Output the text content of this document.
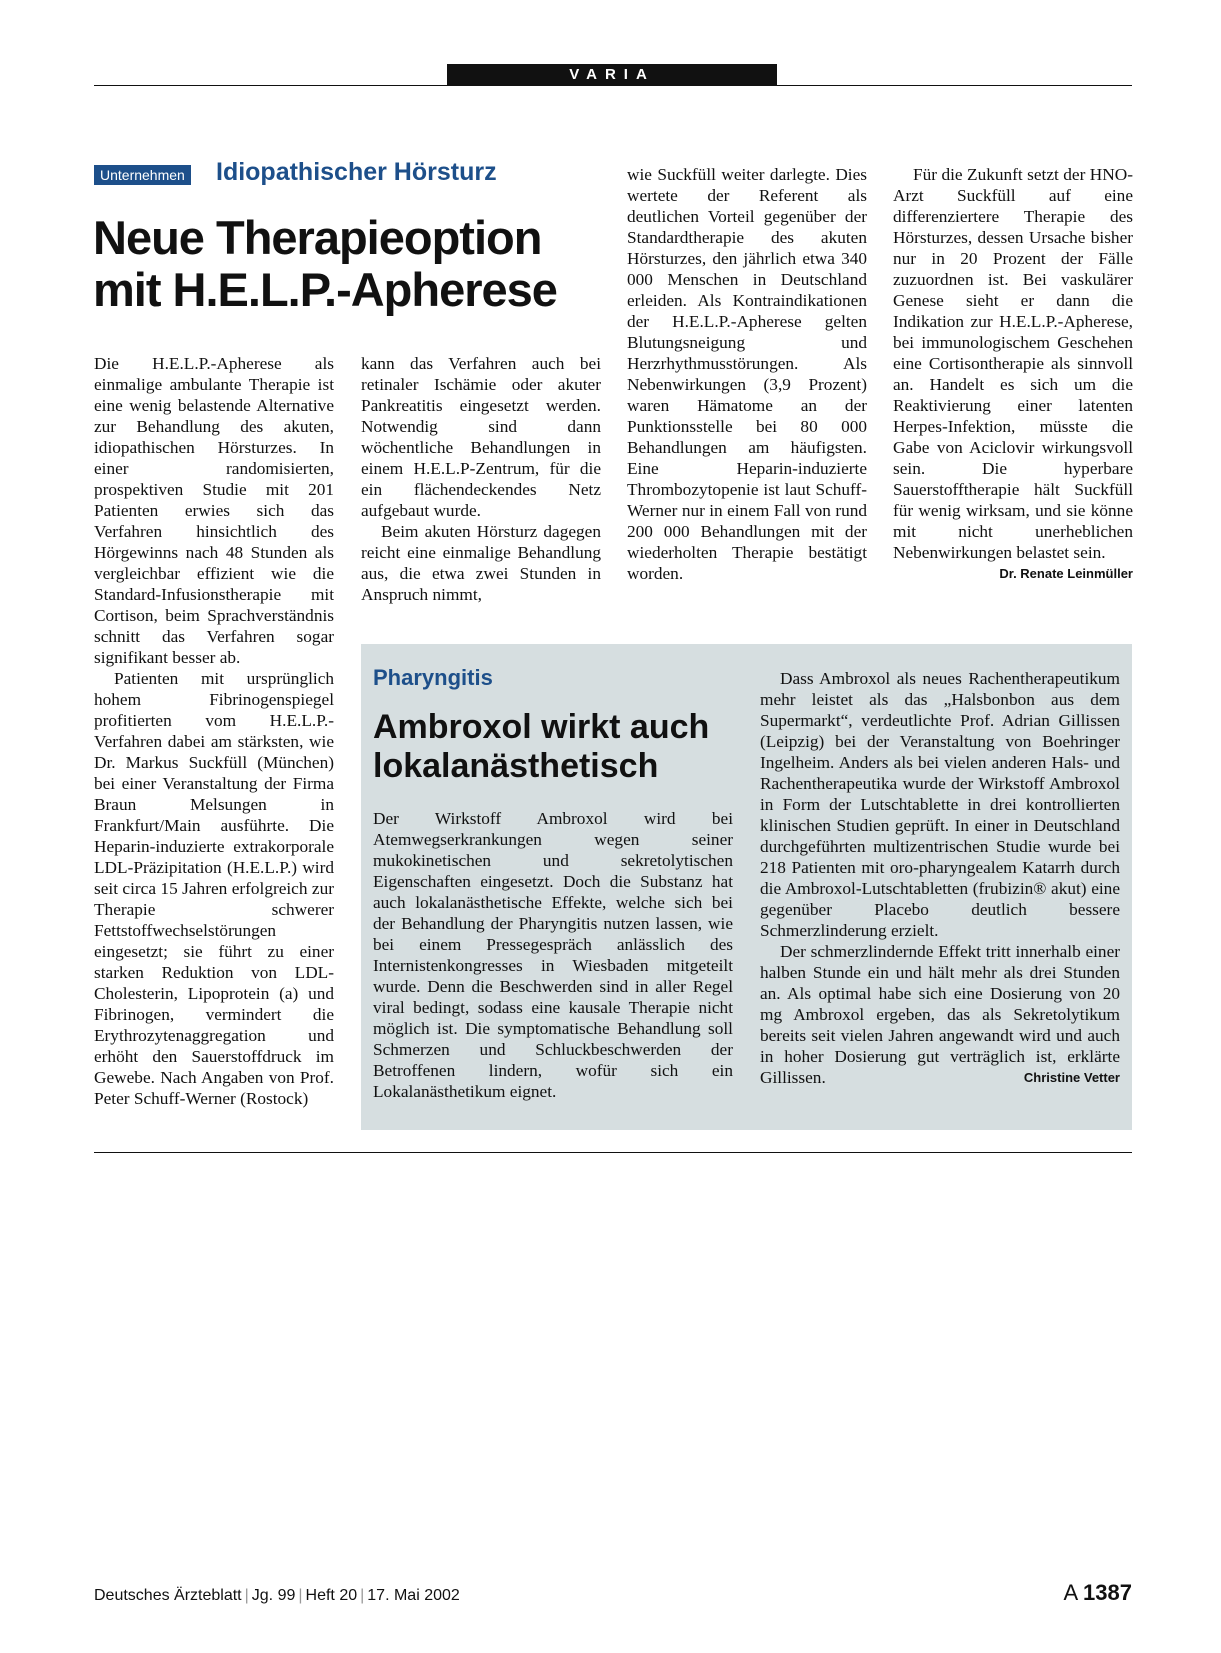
VARIA
Unternehmen Idiopathischer Hörsturz
Neue Therapieoption
mit H.E.L.P.-Apherese

Die H.E.L.P.-Apherese als einmalige ambulante Therapie ist eine wenig belastende Alternative zur Behandlung des akuten, idiopathischen Hörsturzes. In einer randomisierten, prospektiven Studie mit 201 Patienten erwies sich das Verfahren hinsichtlich des Hörgewinns nach 48 Stunden als vergleichbar effizient wie die Standard-Infusionstherapie mit Cortison, beim Sprachverständnis schnitt das Verfahren sogar signifikant besser ab.

Patienten mit ursprünglich hohem Fibrinogenspiegel profitierten vom H.E.L.P.-Verfahren dabei am stärksten, wie Dr. Markus Suckfüll (München) bei einer Veranstaltung der Firma Braun Melsungen in Frankfurt/Main ausführte. Die Heparin-induzierte extrakorporale LDL-Präzipitation (H.E.L.P.) wird seit circa 15 Jahren erfolgreich zur Therapie schwerer Fettstoffwechselstörungen eingesetzt; sie führt zu einer starken Reduktion von LDL-Cholesterin, Lipoprotein (a) und Fibrinogen, vermindert die Erythrozytenaggregation und erhöht den Sauerstoffdruck im Gewebe. Nach Angaben von Prof. Peter Schuff-Werner (Rostock)

kann das Verfahren auch bei retinaler Ischämie oder akuter Pankreatitis eingesetzt werden. Notwendig sind dann wöchentliche Behandlungen in einem H.E.L.P-Zentrum, für die ein flächendeckendes Netz aufgebaut wurde.

Beim akuten Hörsturz dagegen reicht eine einmalige Behandlung aus, die etwa zwei Stunden in Anspruch nimmt,

wie Suckfüll weiter darlegte. Dies wertete der Referent als deutlichen Vorteil gegenüber der Standardtherapie des akuten Hörsturzes, den jährlich etwa 340 000 Menschen in Deutschland erleiden. Als Kontraindikationen der H.E.L.P.-Apherese gelten Blutungsneigung und Herzrhythmusstörungen. Als Nebenwirkungen (3,9 Prozent) waren Hämatome an der Punktionsstelle bei 80 000 Behandlungen am häufigsten. Eine Heparin-induzierte Thrombozytopenie ist laut Schuff-Werner nur in einem Fall von rund 200 000 Behandlungen mit der wiederholten Therapie bestätigt worden.

Für die Zukunft setzt der HNO-Arzt Suckfüll auf eine differenziertere Therapie des Hörsturzes, dessen Ursache bisher nur in 20 Prozent der Fälle zuzuordnen ist. Bei vaskulärer Genese sieht er dann die Indikation zur H.E.L.P.-Apherese, bei immunologischem Geschehen eine Cortisontherapie als sinnvoll an. Handelt es sich um die Reaktivierung einer latenten Herpes-Infektion, müsste die Gabe von Aciclovir wirkungsvoll sein. Die hyperbare Sauerstofftherapie hält Suckfüll für wenig wirksam, und sie könne mit nicht unerheblichen Nebenwirkungen belastet sein.
Dr. Renate Leinmüller

Pharyngitis
Ambroxol wirkt auch
lokalanästhetisch

Der Wirkstoff Ambroxol wird bei Atemwegserkrankungen wegen seiner mukokinetischen und sekretolytischen Eigenschaften eingesetzt. Doch die Substanz hat auch lokalanästhetische Effekte, welche sich bei der Behandlung der Pharyngitis nutzen lassen, wie bei einem Pressegespräch anlässlich des Internistenkongresses in Wiesbaden mitgeteilt wurde. Denn die Beschwerden sind in aller Regel viral bedingt, sodass eine kausale Therapie nicht möglich ist. Die symptomatische Behandlung soll Schmerzen und Schluckbeschwerden der Betroffenen lindern, wofür sich ein Lokalanästhetikum eignet.

Dass Ambroxol als neues Rachentherapeutikum mehr leistet als das „Halsbonbon aus dem Supermarkt“, verdeutlichte Prof. Adrian Gillissen (Leipzig) bei der Veranstaltung von Boehringer Ingelheim. Anders als bei vielen anderen Hals- und Rachentherapeutika wurde der Wirkstoff Ambroxol in Form der Lutschtablette in drei kontrollierten klinischen Studien geprüft. In einer in Deutschland durchgeführten multizentrischen Studie wurde bei 218 Patienten mit oro-pharyngealem Katarrh durch die Ambroxol-Lutschtabletten (frubizin® akut) eine gegenüber Placebo deutlich bessere Schmerzlinderung erzielt.

Der schmerzlindernde Effekt tritt innerhalb einer halben Stunde ein und hält mehr als drei Stunden an. Als optimal habe sich eine Dosierung von 20 mg Ambroxol ergeben, das als Sekretolytikum bereits seit vielen Jahren angewandt wird und auch in hoher Dosierung gut verträglich ist, erklärte Gillissen.	Christine Vetter

Deutsches Ärzteblatt | Jg. 99 | Heft 20 | 17. Mai 2002	A 1387
